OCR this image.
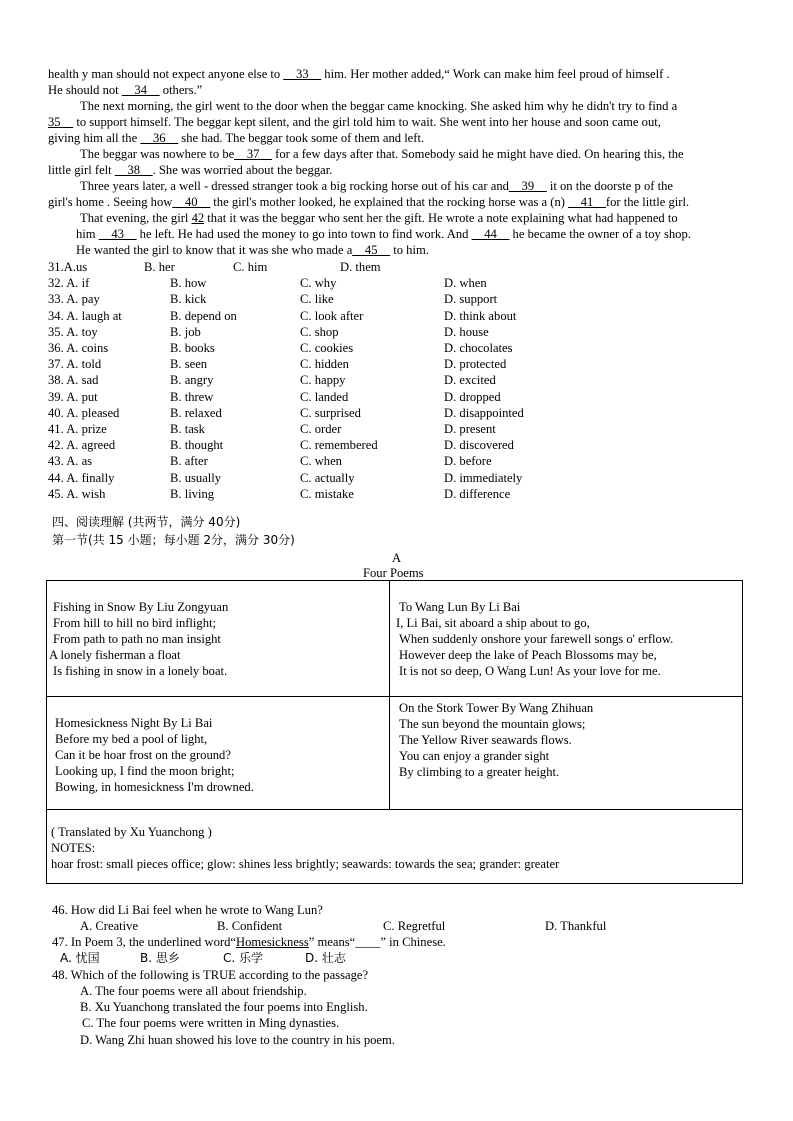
health y man should not expect anyone else to __33__ him. Her mother added,“ Work can make him feel proud of himself .
He should not __34__ others.”
The next morning, the girl went to the door when the beggar came knocking. She asked him why he didn't try to find a
35__ to support himself. The beggar kept silent, and the girl told him to wait. She went into her house and soon came out,
giving him all the __36__ she had. The beggar took some of them and left.
The beggar was nowhere to be__37__ for a few days after that. Somebody said he might have died. On hearing this, the
little girl felt __38__. She was worried about the beggar.
Three years later, a well - dressed stranger took a big rocking horse out of his car and__39__ it on the doorste p of the
girl's home . Seeing how__40__ the girl's mother looked, he explained that the rocking horse was a (n) __41__for the little girl.
That evening, the girl 42 that it was the beggar who sent her the gift. He wrote a note explaining what had happened to
him __43__ he left. He had used the money to go into town to find work. And __44__ he became the owner of a toy shop.
He wanted the girl to know that it was she who made a__45__ to him.
31.A.us	B. her	C. him	D. them
32. A. if	B. how	C. why	D. when
33. A. pay	B. kick	C. like	D. support
34. A. laugh at	B. depend on	C. look after	D. think about
35. A. toy	B. job	C. shop	D. house
36. A. coins	B. books	C. cookies	D. chocolates
37. A. told	B. seen	C. hidden	D. protected
38. A. sad	B. angry	C. happy	D. excited
39. A. put	B. threw	C. landed	D. dropped
40. A. pleased	B. relaxed	C. surprised	D. disappointed
41. A. prize	B. task	C. order	D. present
42. A. agreed	B. thought	C. remembered	D. discovered
43. A. as	B. after	C. when	D. before
44. A. finally	B. usually	C. actually	D. immediately
45. A. wish	B. living	C. mistake	D. difference
四、阅读理解 (共两节，满分 40分)
第一节(共 15 小题；每小题 2分，满分 30分)
A
Four Poems
Fishing in Snow By Liu Zongyuan
From hill to hill no bird inflight;
From path to path no man insight
A lonely fisherman a float
Is fishing in snow in a lonely boat.
To Wang Lun By Li Bai
I, Li Bai, sit aboard a ship about to go,
When suddenly onshore your farewell songs o' erflow.
However deep the lake of Peach Blossoms may be,
It is not so deep, O Wang Lun! As your love for me.
Homesickness Night By Li Bai
Before my bed a pool of light,
Can it be hoar frost on the ground?
Looking up, I find the moon bright;
Bowing, in homesickness I'm drowned.
On the Stork Tower By Wang Zhihuan
The sun beyond the mountain glows;
The Yellow River seawards flows.
You can enjoy a grander sight
By climbing to a greater height.
( Translated by Xu Yuanchong )
NOTES:
hoar frost: small pieces office; glow: shines less brightly; seawards: towards the sea; grander: greater
46. How did Li Bai feel when he wrote to Wang Lun?
A. Creative	B. Confident	C. Regretful	D. Thankful
47. In Poem 3, the underlined word“Homesickness” means“____” in Chinese.
A. 忧国	B. 思乡	C. 乐学	D. 壮志
48. Which of the following is TRUE according to the passage?
A. The four poems were all about friendship.
B. Xu Yuanchong translated the four poems into English.
C. The four poems were written in Ming dynasties.
D. Wang Zhi huan showed his love to the country in his poem.
